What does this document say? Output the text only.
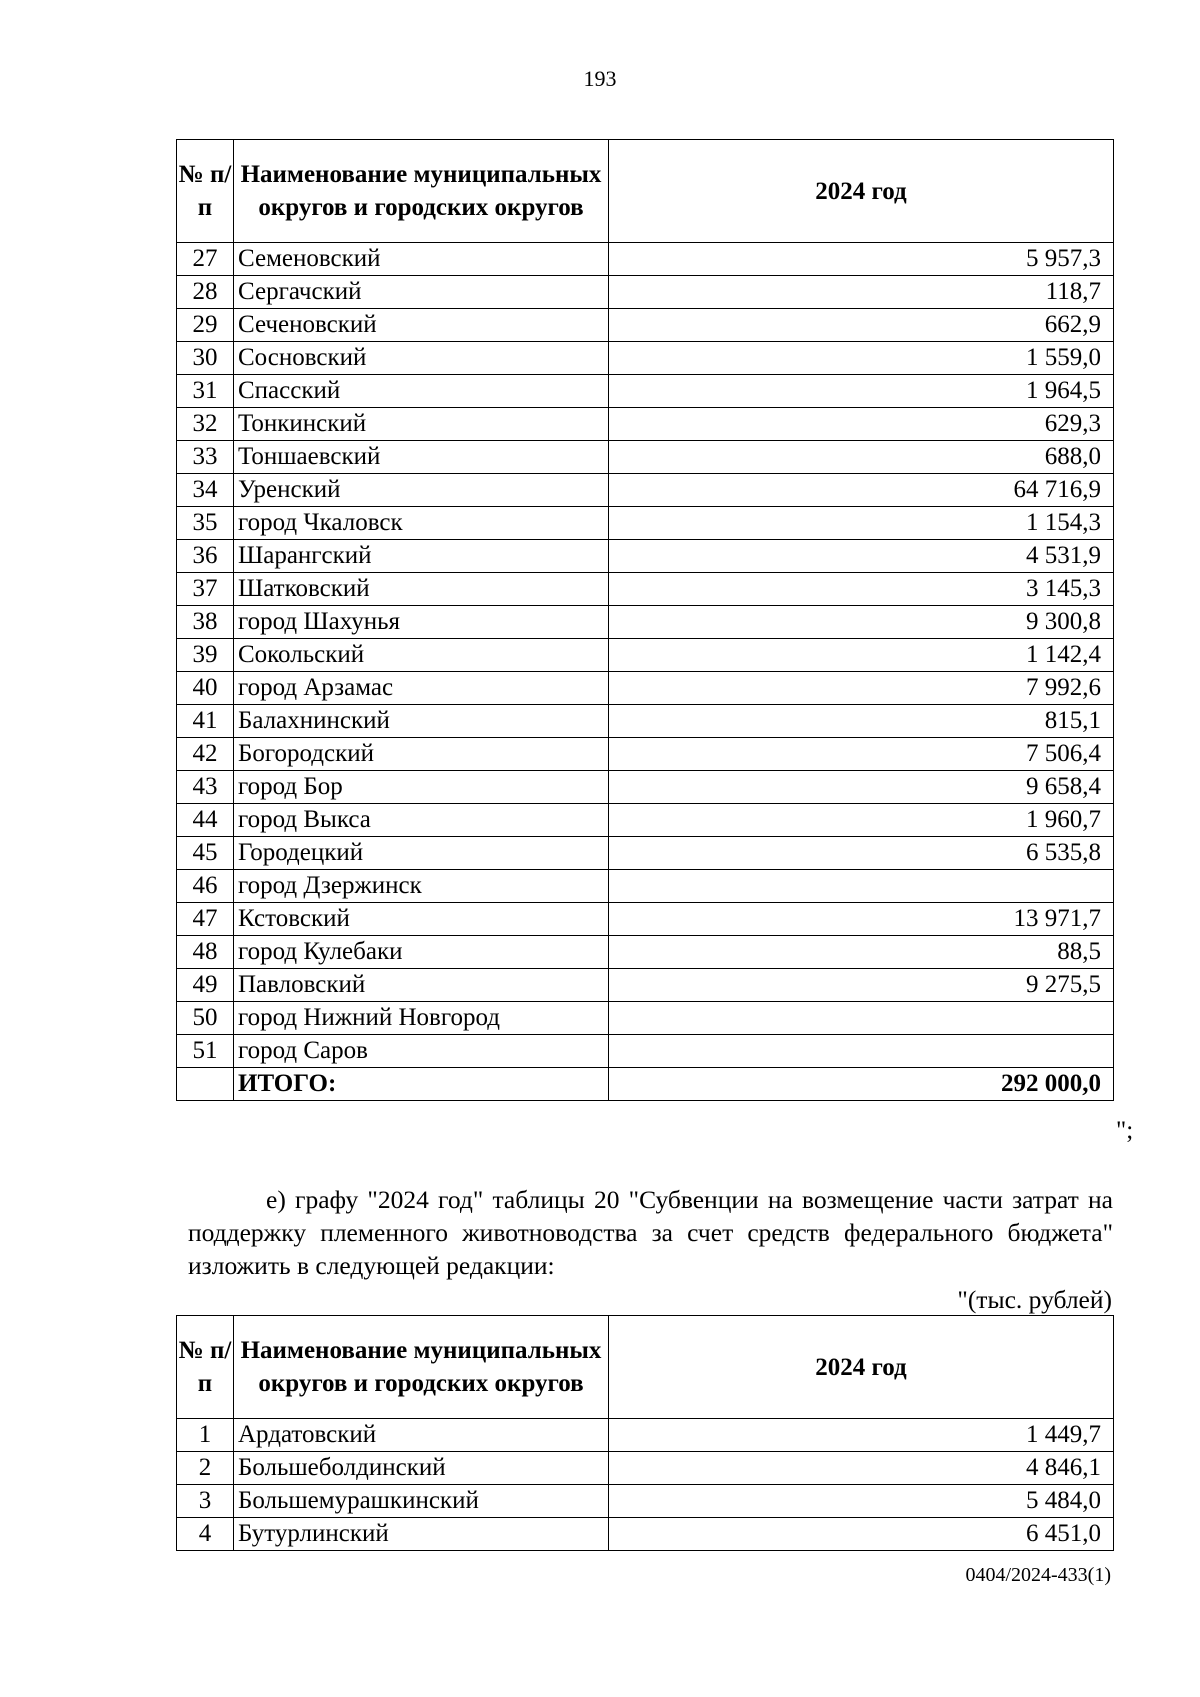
193
№ п/п	Наименование муниципальных округов и городских округов	2024 год
27	Семеновский	5 957,3
28	Сергачский	118,7
29	Сеченовский	662,9
30	Сосновский	1 559,0
31	Спасский	1 964,5
32	Тонкинский	629,3
33	Тоншаевский	688,0
34	Уренский	64 716,9
35	город Чкаловск	1 154,3
36	Шарангский	4 531,9
37	Шатковский	3 145,3
38	город Шахунья	9 300,8
39	Сокольский	1 142,4
40	город Арзамас	7 992,6
41	Балахнинский	815,1
42	Богородский	7 506,4
43	город Бор	9 658,4
44	город Выкса	1 960,7
45	Городецкий	6 535,8
46	город Дзержинск	
47	Кстовский	13 971,7
48	город Кулебаки	88,5
49	Павловский	9 275,5
50	город Нижний Новгород	
51	город Саров	
	ИТОГО:	292 000,0
";
е) графу "2024 год" таблицы 20 "Субвенции на возмещение части затрат на поддержку племенного животноводства за счет средств федерального бюджета" изложить в следующей редакции:
"(тыс. рублей)
№ п/п	Наименование муниципальных округов и городских округов	2024 год
1	Ардатовский	1 449,7
2	Большеболдинский	4 846,1
3	Большемурашкинский	5 484,0
4	Бутурлинский	6 451,0
0404/2024-433(1)
